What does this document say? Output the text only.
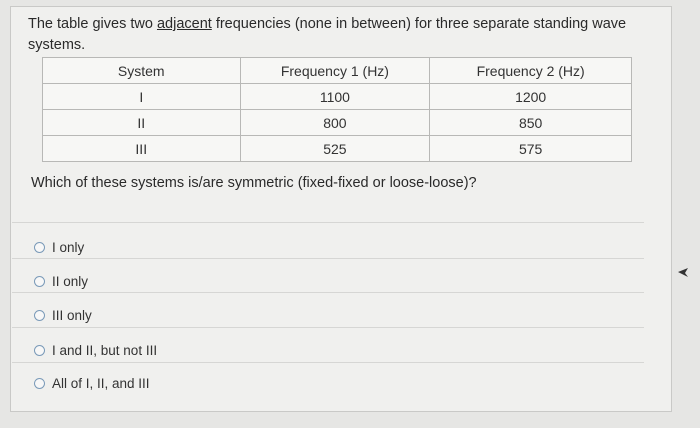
The table gives two adjacent frequencies (none in between) for three separate standing wave systems.
System	Frequency 1 (Hz)	Frequency 2 (Hz)
I	1100	1200
II	800	850
III	525	575
Which of these systems is/are symmetric (fixed-fixed or loose-loose)?
I only
II only
III only
I and II, but not III
All of I, II, and III
